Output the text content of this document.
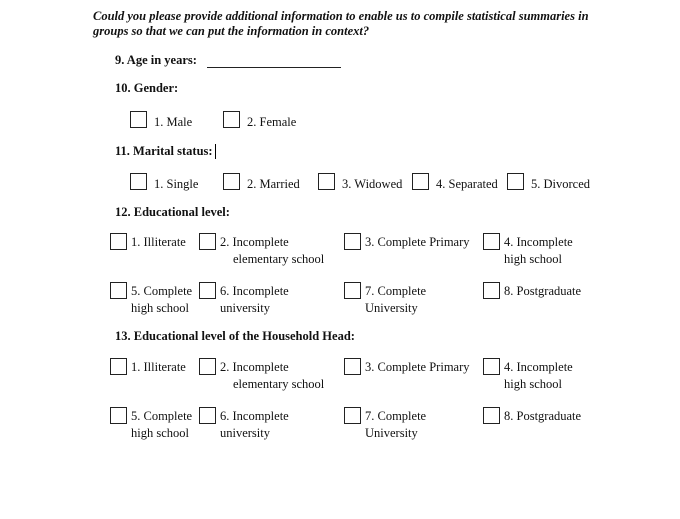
Could you please provide additional information to enable us to compile statistical summaries in
groups so that we can put the information in context?
9. Age in years:
10. Gender:
1. Male	2. Female
11. Marital status:
1. Single	2. Married	3. Widowed	4. Separated	5. Divorced
12. Educational level:
1. Illiterate	2. Incomplete
elementary school
3. Complete Primary	4. Incomplete
high school
5. Complete
high school
6. Incomplete
university
7. Complete
University
8. Postgraduate
13. Educational level of the Household Head:
1. Illiterate	2. Incomplete
elementary school
3. Complete Primary	4. Incomplete
high school
5. Complete
high school
6. Incomplete
university
7. Complete
University
8. Postgraduate
